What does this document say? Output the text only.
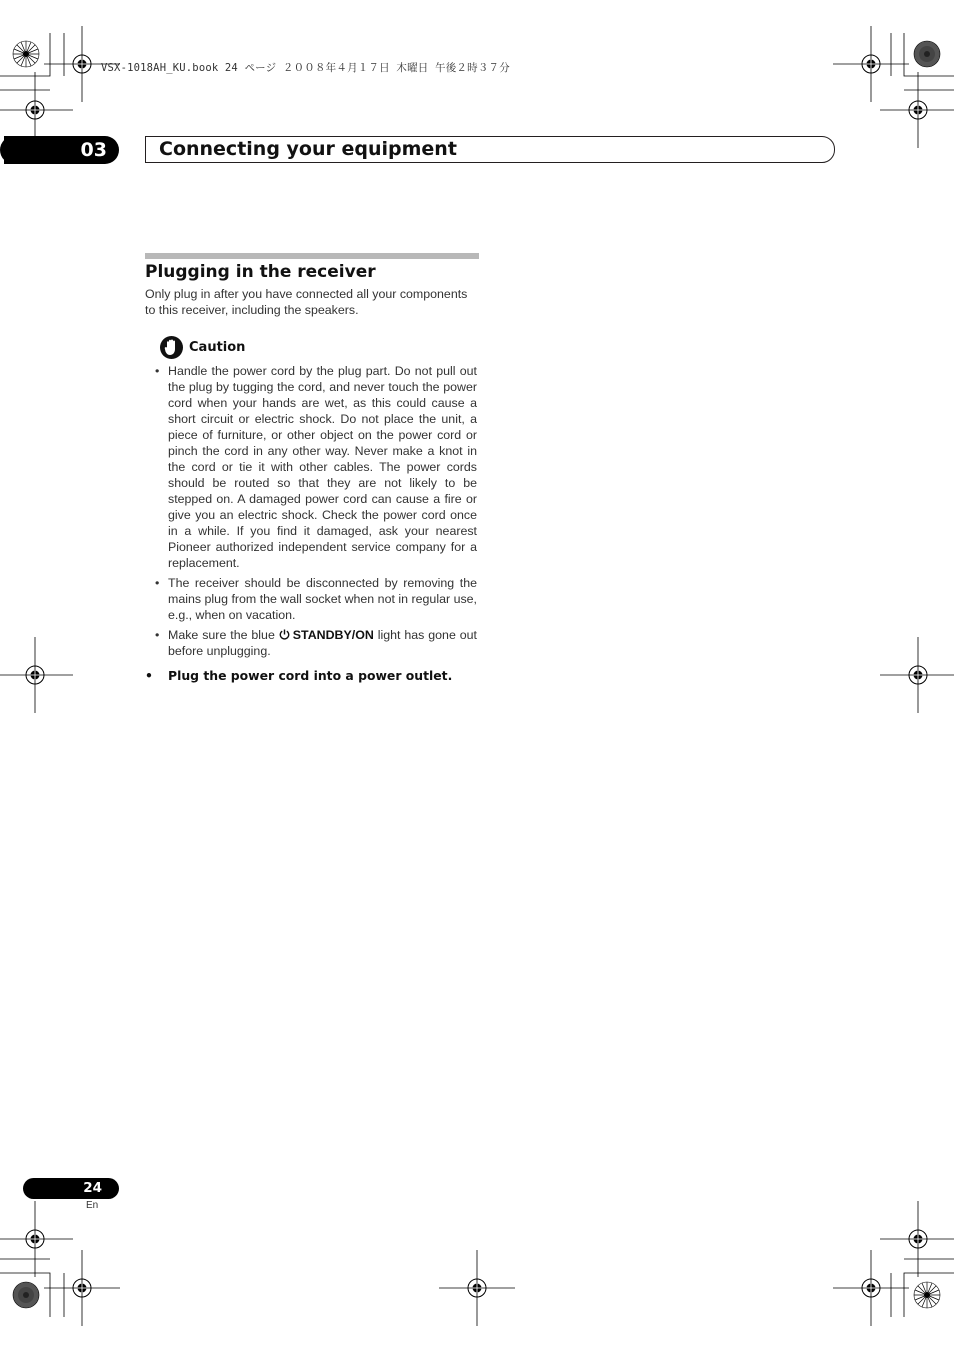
VSX-1018AH_KU.book 24 ページ ２００８年４月１７日 木曜日 午後２時３７分
03	Connecting your equipment
Plugging in the receiver
Only plug in after you have connected all your components to this receiver, including the speakers.
Caution
• Handle the power cord by the plug part. Do not pull out the plug by tugging the cord, and never touch the power cord when your hands are wet, as this could cause a short circuit or electric shock. Do not place the unit, a piece of furniture, or other object on the power cord or pinch the cord in any other way. Never make a knot in the cord or tie it with other cables. The power cords should be routed so that they are not likely to be stepped on. A damaged power cord can cause a fire or give you an electric shock. Check the power cord once in a while. If you find it damaged, ask your nearest Pioneer authorized independent service company for a replacement.
• The receiver should be disconnected by removing the mains plug from the wall socket when not in regular use, e.g., when on vacation.
• Make sure the blue STANDBY/ON light has gone out before unplugging.
• Plug the power cord into a power outlet.
24
En
